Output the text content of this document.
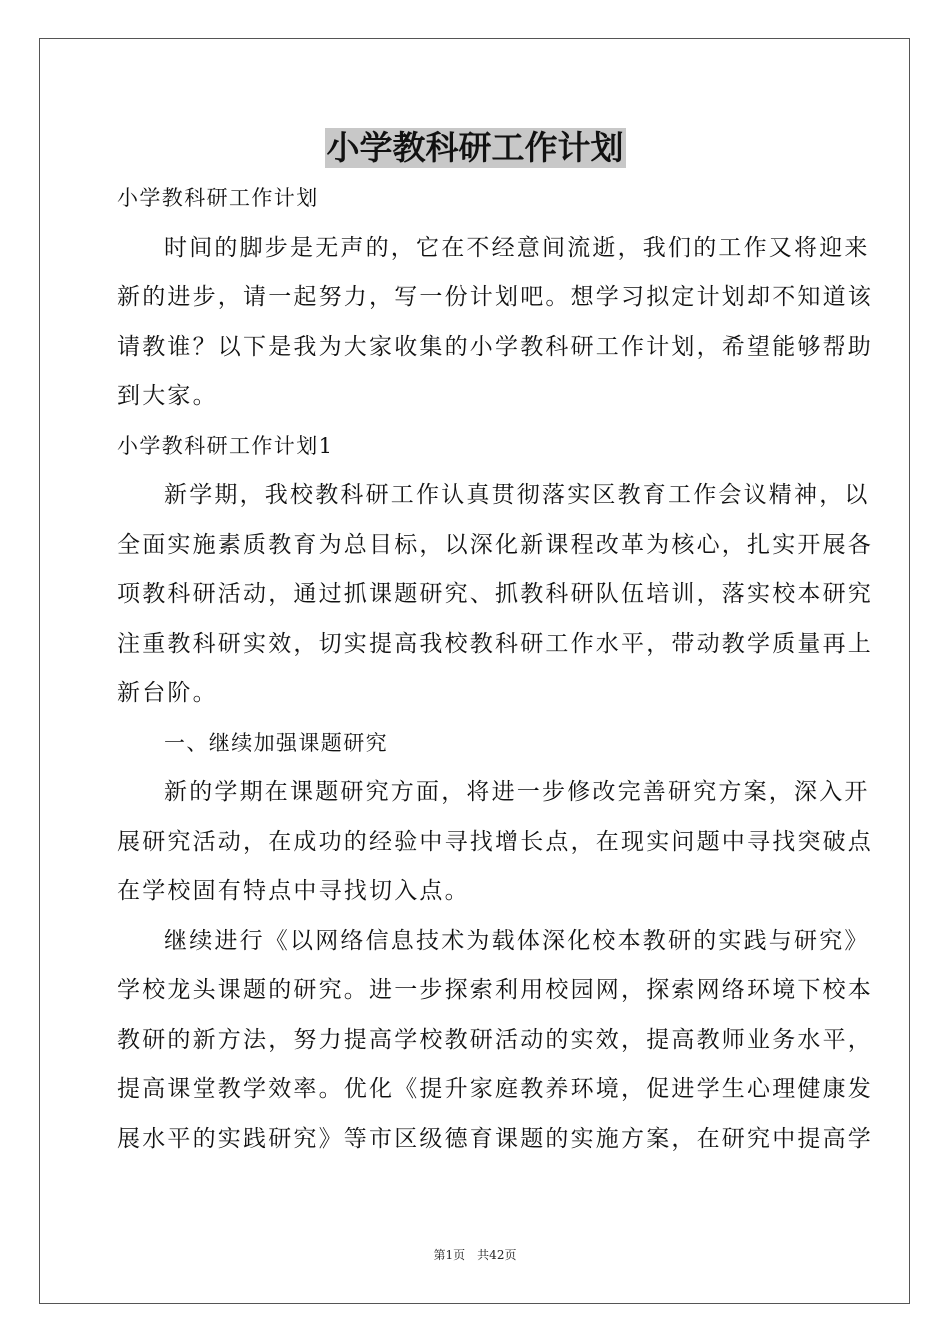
小学教科研工作计划
小学教科研工作计划
时间的脚步是无声的，它在不经意间流逝，我们的工作又将迎来
新的进步，请一起努力，写一份计划吧。想学习拟定计划却不知道该
请教谁？以下是我为大家收集的小学教科研工作计划，希望能够帮助
到大家。
小学教科研工作计划1
新学期，我校教科研工作认真贯彻落实区教育工作会议精神，以
全面实施素质教育为总目标，以深化新课程改革为核心，扎实开展各
项教科研活动，通过抓课题研究、抓教科研队伍培训，落实校本研究
注重教科研实效，切实提高我校教科研工作水平，带动教学质量再上
新台阶。
一、继续加强课题研究
新的学期在课题研究方面，将进一步修改完善研究方案，深入开
展研究活动，在成功的经验中寻找增长点，在现实问题中寻找突破点
在学校固有特点中寻找切入点。
继续进行《以网络信息技术为载体深化校本教研的实践与研究》
学校龙头课题的研究。进一步探索利用校园网，探索网络环境下校本
教研的新方法，努力提高学校教研活动的实效，提高教师业务水平，
提高课堂教学效率。优化《提升家庭教养环境，促进学生心理健康发
展水平的实践研究》等市区级德育课题的实施方案，在研究中提高学
第1页　共42页
